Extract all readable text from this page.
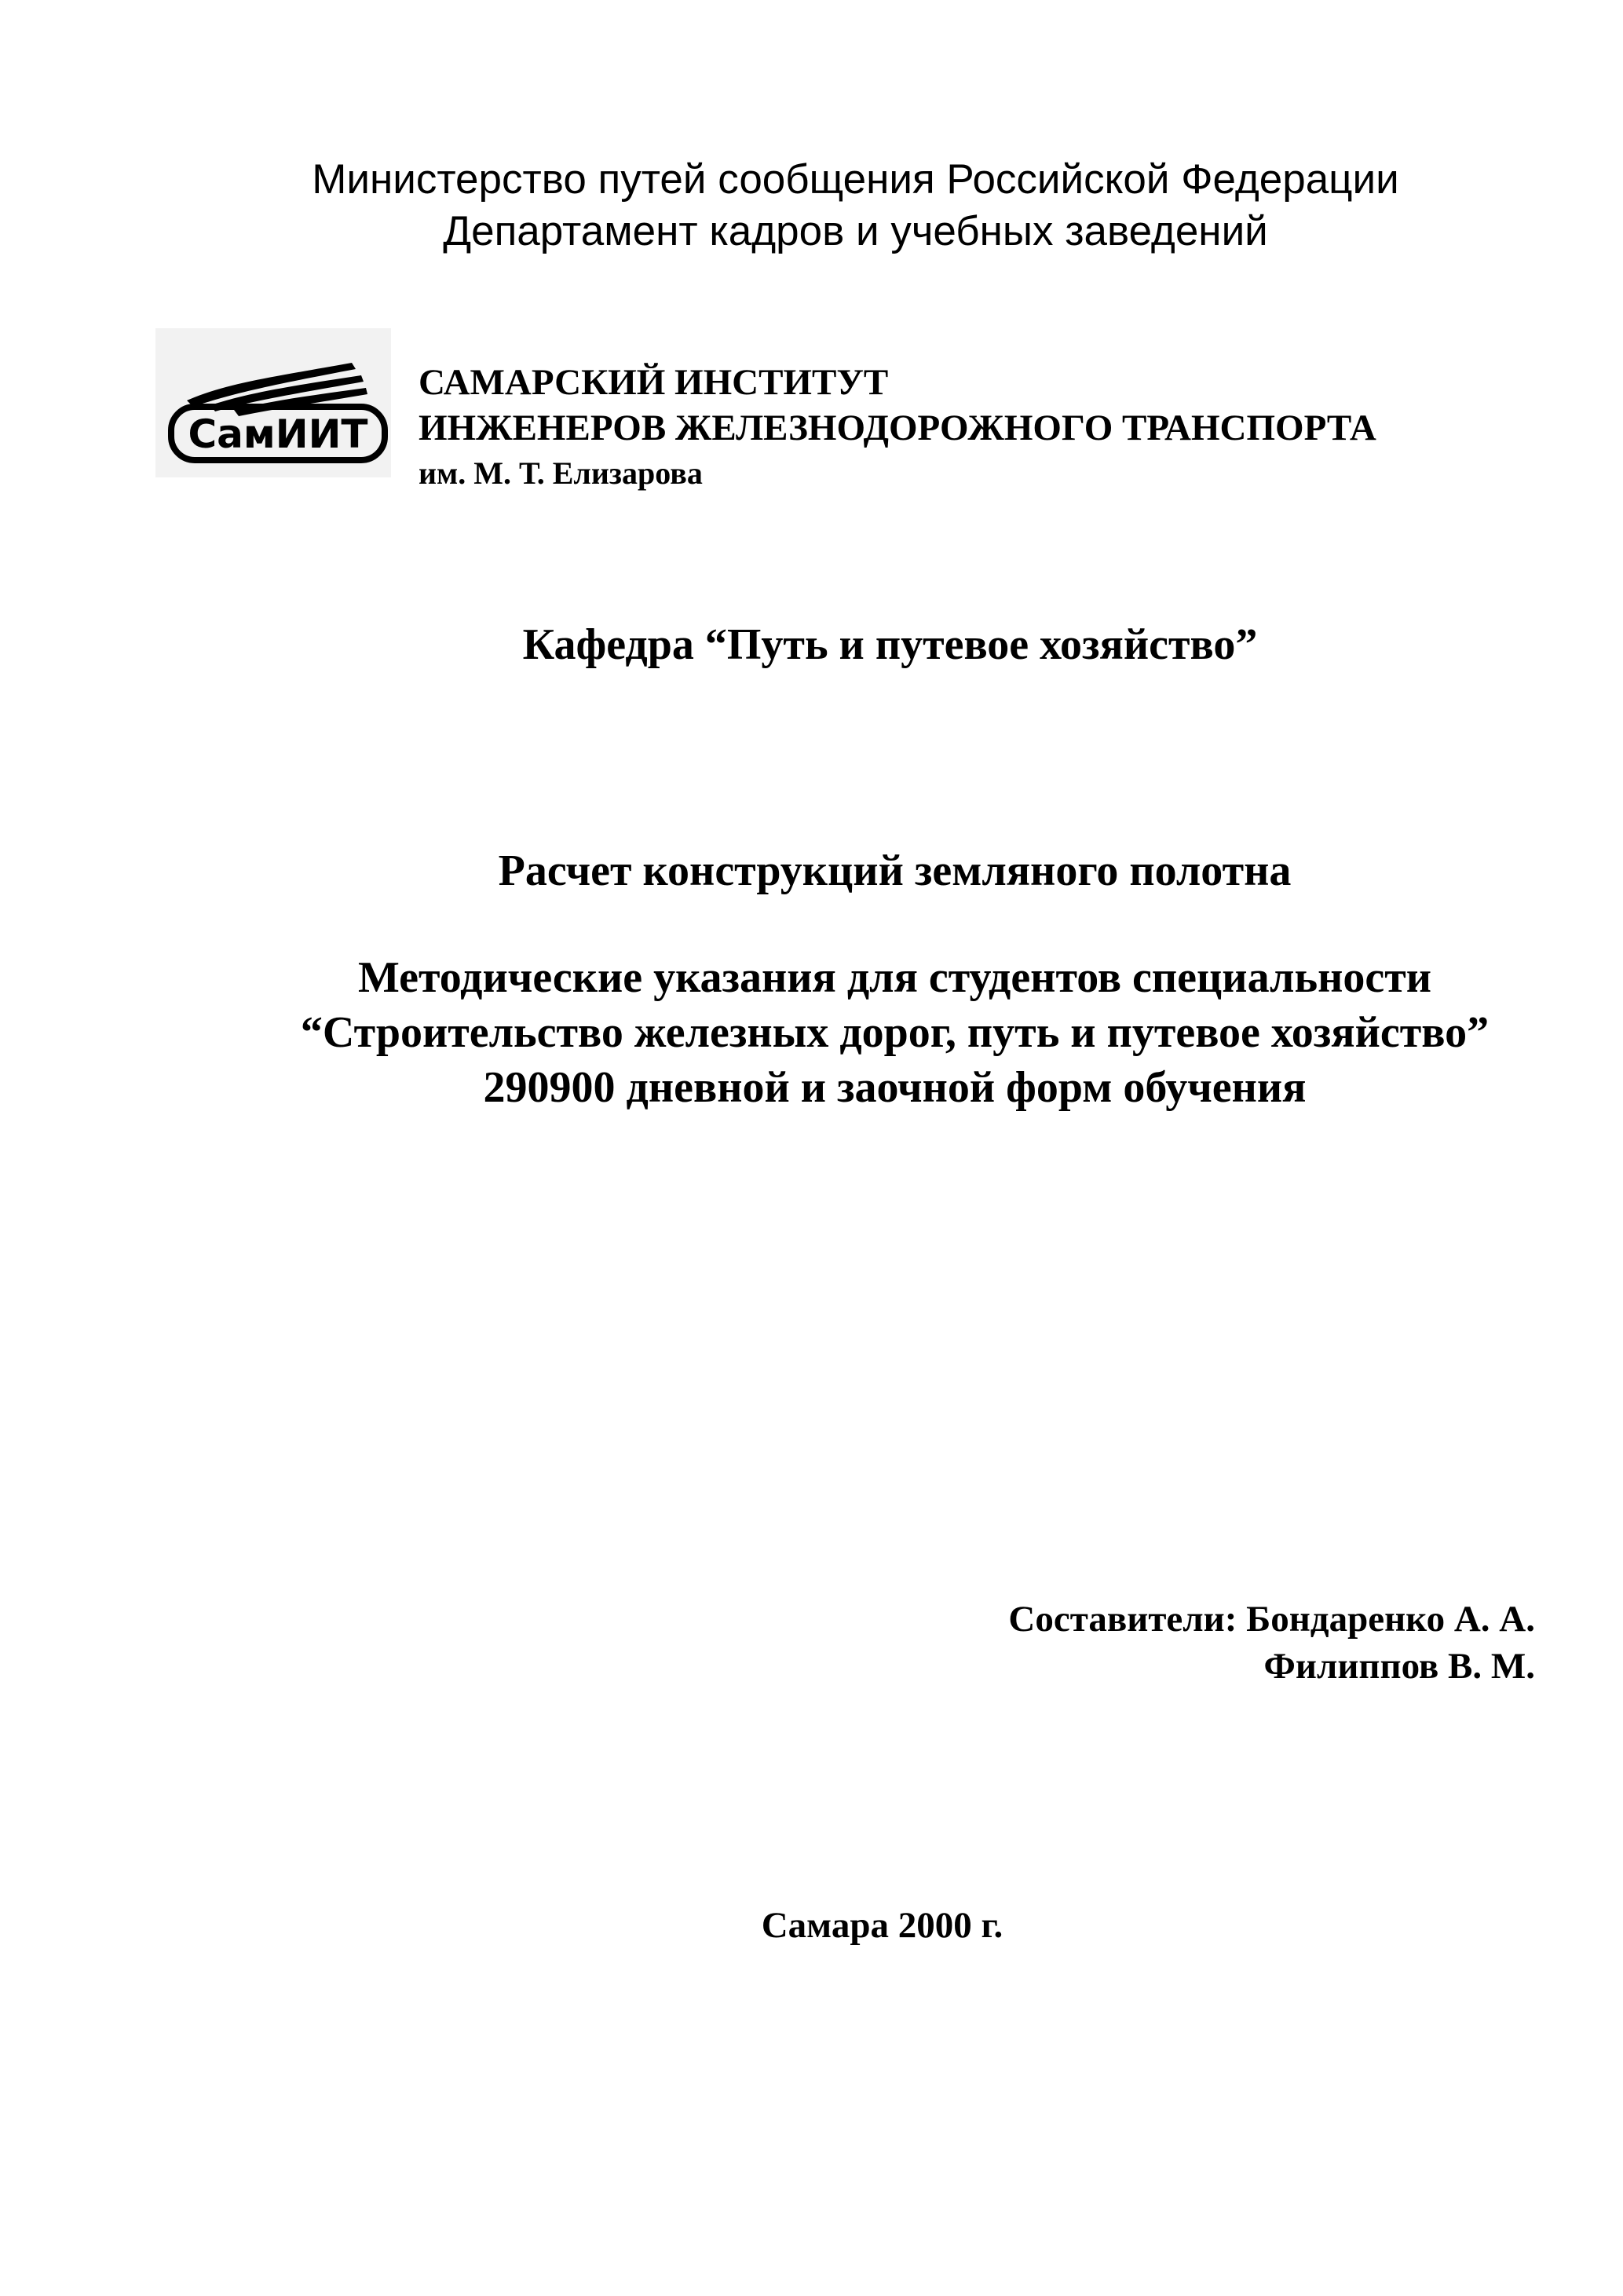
Министерство путей сообщения Российской Федерации
Департамент кадров и учебных заведений
СамИИТ
САМАРСКИЙ ИНСТИТУТ
ИНЖЕНЕРОВ ЖЕЛЕЗНОДОРОЖНОГО ТРАНСПОРТА
им. М. Т. Елизарова
Кафедра “Путь и путевое хозяйство”
Расчет конструкций земляного полотна
Методические указания для студентов специальности
“Строительство железных дорог, путь и путевое хозяйство”
290900 дневной и заочной форм обучения
Составители: Бондаренко А. А.
Филиппов В. М.
Самара 2000 г.
